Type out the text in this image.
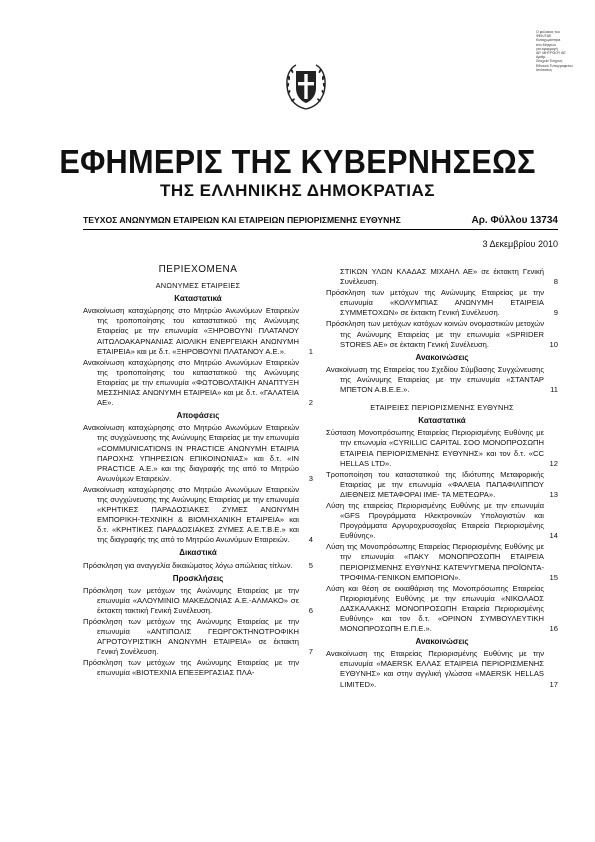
Ο φύλακας του
ΦΕΚ/ΤΑΕ
Καταχωρίστηκε
στο Μητρώο
για εφαρμογή
ΑΡ. ΜΗΤΡΩΟΥ ΑΕ
Αριθμ.
Στοιχεία Τεύχους
Εθνικού Τυπογραφείου
Ιστότοπος
ΕΦΗΜΕΡΙΣ ΤΗΣ ΚΥΒΕΡΝΗΣΕΩΣ
ΤΗΣ ΕΛΛΗΝΙΚΗΣ ΔΗΜΟΚΡΑΤΙΑΣ
ΤΕΥΧΟΣ ΑΝΩΝΥΜΩΝ ΕΤΑΙΡΕΙΩΝ ΚΑΙ ΕΤΑΙΡΕΙΩΝ ΠΕΡΙΟΡΙΣΜΕΝΗΣ ΕΥΘΥΝΗΣ	Αρ. Φύλλου 13734
3 Δεκεμβρίου 2010
ΠΕΡΙΕΧΟΜΕΝΑ
ΑΝΩΝΥΜΕΣ ΕΤΑΙΡΕΙΕΣ
Καταστατικά
Ανακοίνωση καταχώρησης στο Μητρώο Ανωνύμων Εταιρειών της τροποποίησης του καταστατικού της Ανώνυμης Εταιρείας με την επωνυμία «ΞΗΡΟΒΟΥΝΙ ΠΛΑΤΑΝΟΥ ΑΙΤΩΛΟΑΚΑΡΝΑΝΙΑΣ ΑΙΟΛΙΚΗ ΕΝΕΡΓΕΙΑΚΗ ΑΝΩΝΥΜΗ ΕΤΑΙΡΕΙΑ» και με δ.τ. «ΞΗΡΟΒΟΥΝΙ ΠΛΑΤΑΝΟΥ Α.Ε.».	1
Ανακοίνωση καταχώρησης στο Μητρώο Ανωνύμων Εταιρειών της τροποποίησης του καταστατικού της Ανώνυμης Εταιρείας με την επωνυμία «ΦΩΤΟΒΟΛΤΑΙΚΗ ΑΝΑΠΤΥΞΗ ΜΕΣΣΗΝΙΑΣ ΑΝΩΝΥΜΗ ΕΤΑΙΡΕΙΑ» και με δ.τ. «ΓΑΛΑΤΕΙΑ ΑΕ».	2
Αποφάσεις
Ανακοίνωση καταχώρησης στο Μητρώο Ανωνύμων Εταιρειών της συγχώνευσης της Ανώνυμης Εταιρείας με την επωνυμία «COMMUNICATIONS IN PRACTICE ΑΝΩΝΥΜΗ ΕΤΑΙΡΙΑ ΠΑΡΟΧΗΣ ΥΠΗΡΕΣΙΩΝ ΕΠΙΚΟΙΝΩΝΙΑΣ» και δ.τ. «IN PRACTICE Α.Ε.» και της διαγραφής της από το Μητρώο Ανωνύμων Εταιρειών.	3
Ανακοίνωση καταχώρησης στο Μητρώο Ανωνύμων Εταιρειών της συγχώνευσης της Ανώνυμης Εταιρείας με την επωνυμία «ΚΡΗΤΙΚΕΣ ΠΑΡΑΔΟΣΙΑΚΕΣ ΖΥΜΕΣ ΑΝΩΝΥΜΗ ΕΜΠΟΡΙΚΗ-ΤΕΧΝΙΚΗ & ΒΙΟΜΗΧΑΝΙΚΗ ΕΤΑΙΡΕΙΑ» και δ.τ. «ΚΡΗΤΙΚΕΣ ΠΑΡΑΔΟΣΙΑΚΕΣ ΖΥΜΕΣ Α.Ε.Τ.Β.Ε.» και της διαγραφής της από το Μητρώο Ανωνύμων Εταιρειών.	4
Δικαστικά
Πρόσκληση για αναγγελία δικαιώματος λόγω απώλειας τίτλων.	5
Προσκλήσεις
Πρόσκληση των μετόχων της Ανώνυμης Εταιρείας με την επωνυμία «ΑΛΟΥΜΙΝΙΟ ΜΑΚΕΔΟΝΙΑΣ Α.Ε.-ΑΛΜΑΚΟ» σε έκτακτη τακτική Γενική Συνέλευση.	6
Πρόσκληση των μετόχων της Ανώνυμης Εταιρείας με την επωνυμία «ΑΝΤΙΠΟΛΙΣ ΓΕΩΡΓΟΚΤΗΝΟΤΡΟΦΙΚΗ ΑΓΡΟΤΟΥΡΙΣΤΙΚΗ ΑΝΩΝΥΜΗ ΕΤΑΙΡΕΙΑ» σε έκτακτη Γενική Συνέλευση.	7
Πρόσκληση των μετόχων της Ανώνυμης Εταιρείας με την επωνυμία «ΒΙΟΤΕΧΝΙΑ ΕΠΕΞΕΡΓΑΣΙΑΣ ΠΛΑ-
ΣΤΙΚΩΝ ΥΛΩΝ ΚΛΑΔΑΣ ΜΙΧΑΗΛ ΑΕ» σε έκτακτη Γενική Συνέλευση.	8
Πρόσκληση των μετόχων της Ανώνυμης Εταιρείας με την επωνυμία «ΚΟΛΥΜΠΙΑΣ ΑΝΩΝΥΜΗ ΕΤΑΙΡΕΙΑ ΣΥΜΜΕΤΟΧΩΝ» σε έκτακτη Γενική Συνέλευση.	9
Πρόσκληση των μετόχων κατόχων κοινών ονομαστικών μετοχών της Ανώνυμης Εταιρείας με την επωνυμία «SPRIDER STORES ΑΕ» σε έκτακτη Γενική Συνέλευση.	10
Ανακοινώσεις
Ανακοίνωση της Εταιρείας του Σχεδίου Σύμβασης Συγχώνευσης της Ανώνυμης Εταιρείας με την επωνυμία «ΣΤΑΝΤΑΡ ΜΠΕΤΟΝ Α.Β.Ε.Ε.».	11
ΕΤΑΙΡΕΙΕΣ ΠΕΡΙΟΡΙΣΜΕΝΗΣ ΕΥΘΥΝΗΣ
Καταστατικά
Σύσταση Μονοπρόσωπης Εταιρείας Περιορισμένης Ευθύνης με την επωνυμία «CYRILLIC CAPITAL ΣΟΟ ΜΟΝΟΠΡΟΣΩΠΗ ΕΤΑΙΡΕΙΑ ΠΕΡΙΟΡΙΣΜΕΝΗΣ ΕΥΘΥΝΗΣ» και τον δ.τ. «CC HELLAS LTD».	12
Τροποποίηση του καταστατικού της Ιδιότυπης Μεταφορικής Εταιρείας με την επωνυμία «ΦΑΛΕΙΑ ΠΑΠΑΦΙΛΙΠΠΟΥ ΔΙΕΘΝΕΙΣ ΜΕΤΑΦΟΡΑΙ ΙΜΕ- ΤΑ ΜΕΤΕΩΡΑ».	13
Λύση της εταιρείας Περιορισμένης Ευθύνης με την επωνυμία «GFS Προγράμματα Ηλεκτρονικών Υπολογιστών και Προγράμματα Αργυροχρυσοχοΐας Εταιρεία Περιορισμένης Ευθύνης».	14
Λύση της Μονοπρόσωπης Εταιρείας Περιορισμένης Ευθύνης με την επωνυμία «ΠΑΚΥ ΜΟΝΟΠΡΟΣΩΠΗ ΕΤΑΙΡΕΙΑ ΠΕΡΙΟΡΙΣΜΕΝΗΣ ΕΥΘΥΝΗΣ ΚΑΤΕΨΥΓΜΕΝΑ ΠΡΟΪΟΝΤΑ- ΤΡΟΦΙΜΑ-ΓΕΝΙΚΟΝ ΕΜΠΟΡΙΟΝ».	15
Λύση και θέση σε εκκαθάριση της Μονοπρόσωπης Εταιρείας Περιορισμένης Ευθύνης με την επωνυμία «ΝΙΚΟΛΑΟΣ ΔΑΣΚΑΛΑΚΗΣ ΜΟΝΟΠΡΟΣΩΠΗ Εταιρεία Περιορισμένης Ευθύνης» και τον δ.τ. «ΟΡΙΝΟΝ ΣΥΜΒΟΥΛΕΥΤΙΚΗ ΜΟΝΟΠΡΟΣΩΠΗ Ε.Π.Ε.».	16
Ανακοινώσεις
Ανακοίνωση της Εταιρείας Περιορισμένης Ευθύνης με την επωνυμία «MAERSK ΕΛΛΑΣ ΕΤΑΙΡΕΙΑ ΠΕΡΙΟΡΙΣΜΕΝΗΣ ΕΥΘΥΝΗΣ» και στην αγγλική γλώσσα «MAERSK HELLAS LIMITED».	17
